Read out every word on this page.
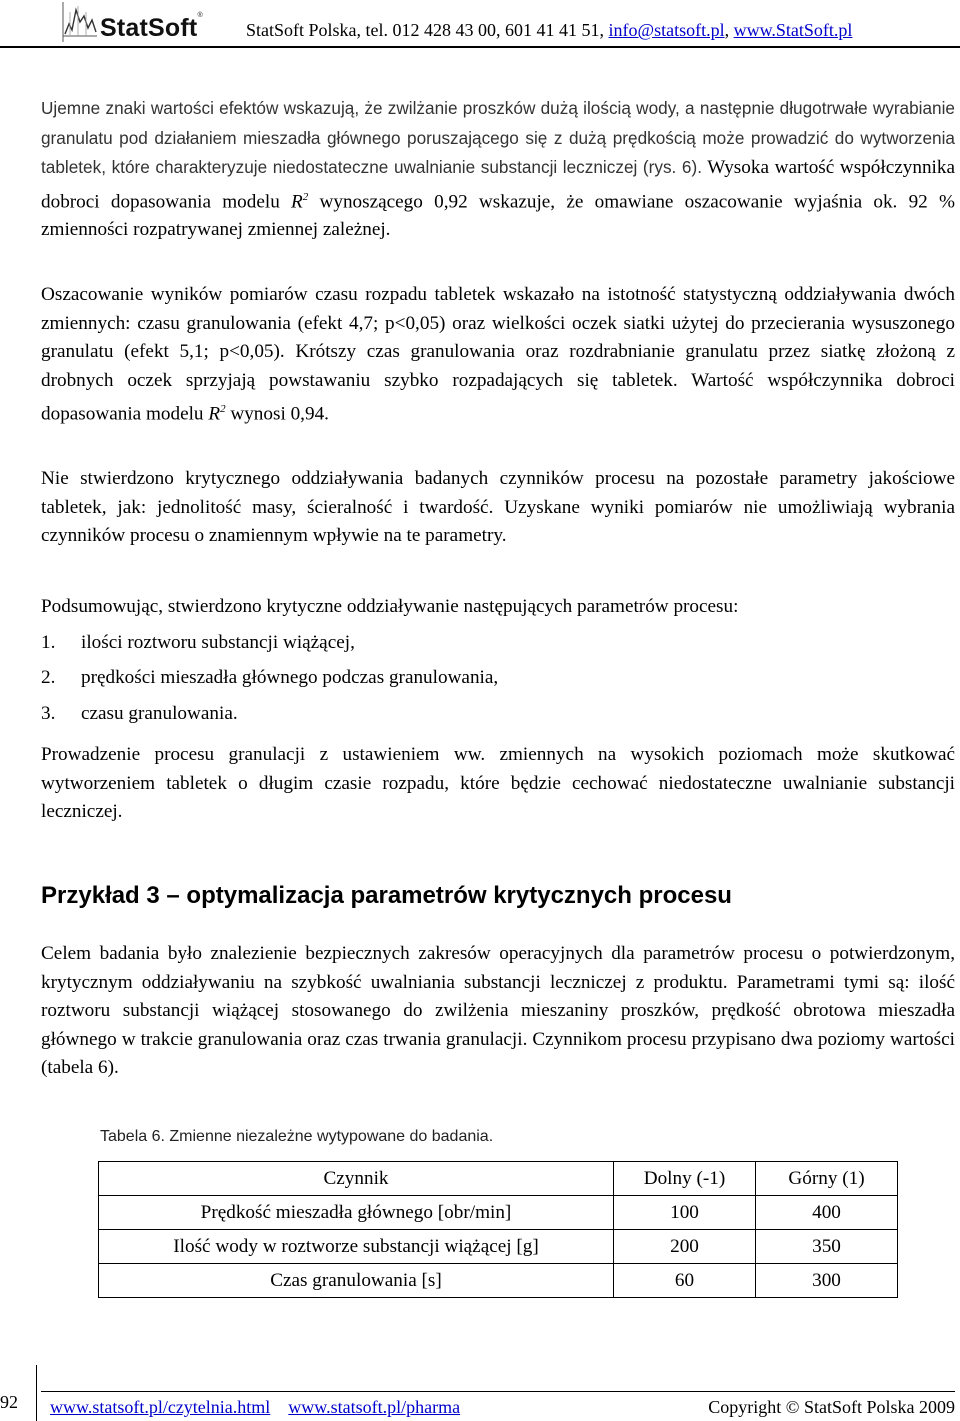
StatSoft®
StatSoft Polska, tel. 012 428 43 00, 601 41 41 51, info@statsoft.pl, www.StatSoft.pl

Ujemne znaki wartości efektów wskazują, że zwilżanie proszków dużą ilością wody, a następnie długotrwałe wyrabianie granulatu pod działaniem mieszadła głównego poruszającego się z dużą prędkością może prowadzić do wytworzenia tabletek, które charakteryzuje niedostateczne uwalnianie substancji leczniczej (rys. 6). Wysoka wartość współczynnika dobroci dopasowania modelu $R^2$ wynoszącego 0,92 wskazuje, że omawiane oszacowanie wyjaśnia ok. 92 % zmienności rozpatrywanej zmiennej zależnej.

Oszacowanie wyników pomiarów czasu rozpadu tabletek wskazało na istotność statystyczną oddziaływania dwóch zmiennych: czasu granulowania (efekt 4,7; p<0,05) oraz wielkości oczek siatki użytej do przecierania wysuszonego granulatu (efekt 5,1; p<0,05). Krótszy czas granulowania oraz rozdrabnianie granulatu przez siatkę złożoną z drobnych oczek sprzyjają powstawaniu szybko rozpadających się tabletek. Wartość współczynnika dobroci dopasowania modelu $R^2$ wynosi 0,94.

Nie stwierdzono krytycznego oddziaływania badanych czynników procesu na pozostałe parametry jakościowe tabletek, jak: jednolitość masy, ścieralność i twardość. Uzyskane wyniki pomiarów nie umożliwiają wybrania czynników procesu o znamiennym wpływie na te parametry.

Podsumowując, stwierdzono krytyczne oddziaływanie następujących parametrów procesu:

1. ilości roztworu substancji wiążącej,
2. prędkości mieszadła głównego podczas granulowania,
3. czasu granulowania.

Prowadzenie procesu granulacji z ustawieniem ww. zmiennych na wysokich poziomach może skutkować wytworzeniem tabletek o długim czasie rozpadu, które będzie cechować niedostateczne uwalnianie substancji leczniczej.

Przykład 3 – optymalizacja parametrów krytycznych procesu

Celem badania było znalezienie bezpiecznych zakresów operacyjnych dla parametrów procesu o potwierdzonym, krytycznym oddziaływaniu na szybkość uwalniania substancji leczniczej z produktu. Parametrami tymi są: ilość roztworu substancji wiążącej stosowanego do zwilżenia mieszaniny proszków, prędkość obrotowa mieszadła głównego w trakcie granulowania oraz czas trwania granulacji. Czynnikom procesu przypisano dwa poziomy wartości (tabela 6).

Tabela 6. Zmienne niezależne wytypowane do badania.
Czynnik	Dolny (-1)	Górny (1)
Prędkość mieszadła głównego [obr/min]	100	400
Ilość wody w roztworze substancji wiążącej [g]	200	350
Czas granulowania [s]	60	300
92 www.statsoft.pl/czytelnia.html www.statsoft.pl/pharma	Copyright © StatSoft Polska 2009
